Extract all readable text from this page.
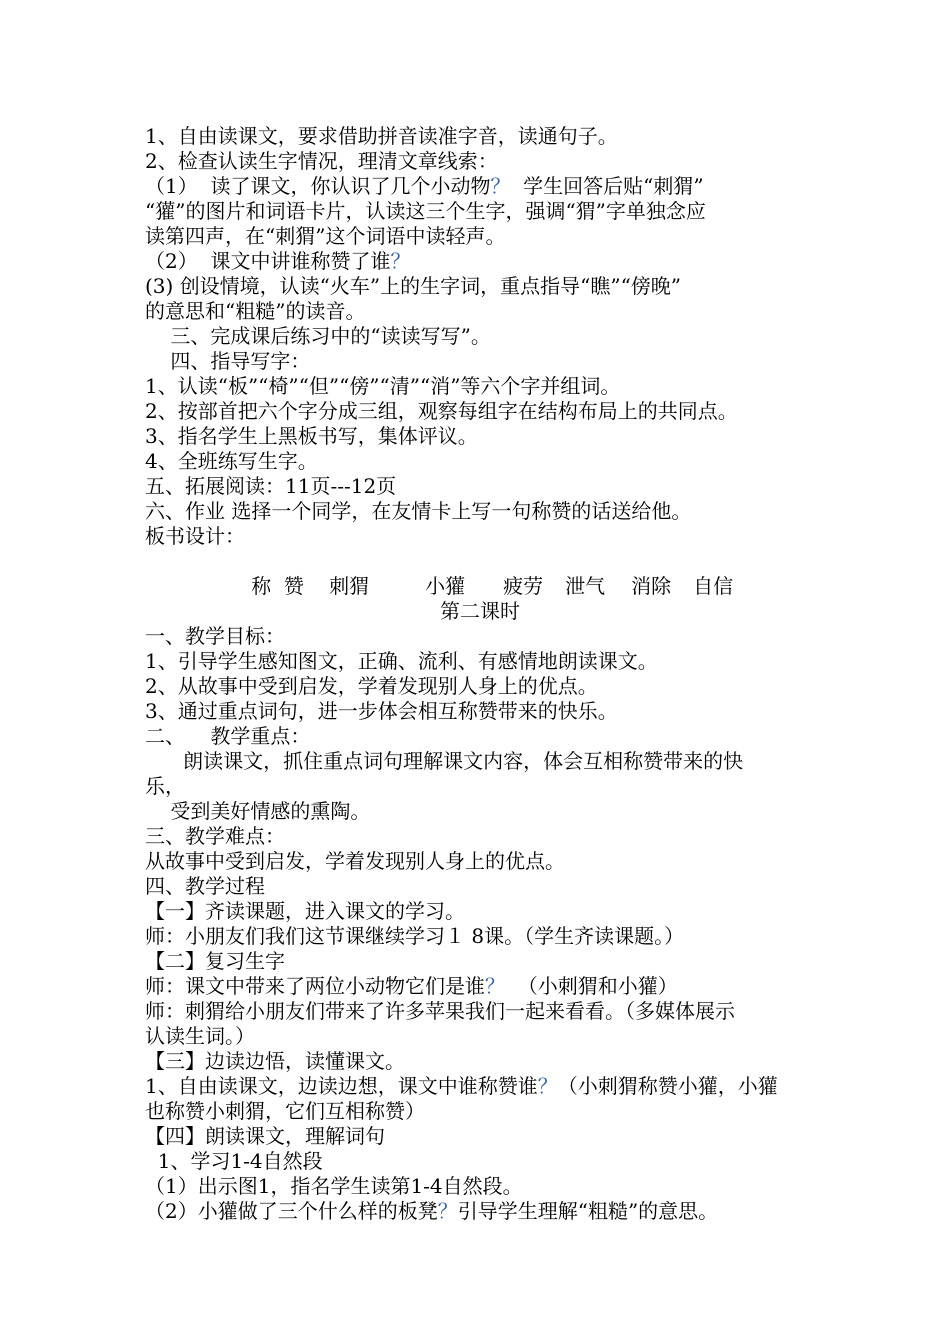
1、自由读课文，要求借助拼音读准字音，读通句子。
2、检查认读生字情况，理清文章线索：
（1）  读了课文，你认识了几个小动物？  学生回答后贴“刺猬”
“獾”的图片和词语卡片，认读这三个生字，强调“猬”字单独念应
读第四声，在“刺猬”这个词语中读轻声。
（2）  课文中讲谁称赞了谁？
(3) 创设情境，认读“火车”上的生字词，重点指导“瞧”“傍晚”
的意思和“粗糙”的读音。
三、完成课后练习中的“读读写写”。
四、指导写字：
1、认读“板”“椅”“但”“傍”“清”“消”等六个字并组词。
2、按部首把六个字分成三组，观察每组字在结构布局上的共同点。
3、指名学生上黑板书写，集体评议。
4、全班练写生字。
五、拓展阅读：11页---12页
六、作业 选择一个同学，在友情卡上写一句称赞的话送给他。
板书设计：

称  赞 刺猬	小獾 疲劳 泄气 消除 自信

第二课时
一、教学目标：
1、引导学生感知图文，正确、流利、有感情地朗读课文。
2、从故事中受到启发，学着发现别人身上的优点。
3、通过重点词句，进一步体会相互称赞带来的快乐。
二、    教学重点：
朗读课文，抓住重点词句理解课文内容，体会互相称赞带来的快
乐，
受到美好情感的熏陶。
三、教学难点：
从故事中受到启发，学着发现别人身上的优点。
四、教学过程
【一】齐读课题，进入课文的学习。
师：小朋友们我们这节课继续学习１ 8课。（学生齐读课题。）
【二】复习生字
师：课文中带来了两位小动物它们是谁？  （小刺猬和小獾）
师：刺猬给小朋友们带来了许多苹果我们一起来看看。（多媒体展示
认读生词。）
【三】边读边悟，读懂课文。
1、自由读课文，边读边想，课文中谁称赞谁？（小刺猬称赞小獾，小獾
也称赞小刺猬，它们互相称赞）
【四】朗读课文，理解词句
1、学习1-4自然段
（1）出示图1，指名学生读第1-4自然段。
（2）小獾做了三个什么样的板凳？引导学生理解“粗糙”的意思。
